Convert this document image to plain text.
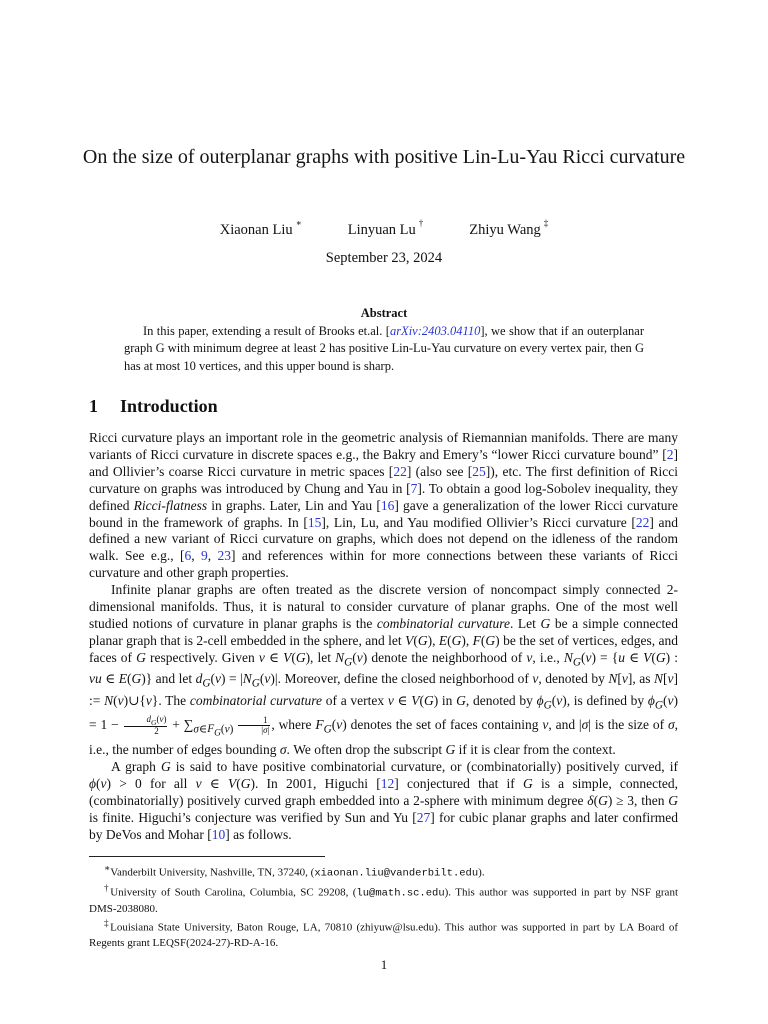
On the size of outerplanar graphs with positive Lin-Lu-Yau Ricci curvature
Xiaonan Liu ∗	Linyuan Lu †	Zhiyu Wang ‡
September 23, 2024
Abstract
In this paper, extending a result of Brooks et.al. [arXiv:2403.04110], we show that if an outerplanar graph G with minimum degree at least 2 has positive Lin-Lu-Yau curvature on every vertex pair, then G has at most 10 vertices, and this upper bound is sharp.
1 Introduction

Ricci curvature plays an important role in the geometric analysis of Riemannian manifolds. There are many variants of Ricci curvature in discrete spaces e.g., the Bakry and Emery’s “lower Ricci curvature bound” [2] and Ollivier’s coarse Ricci curvature in metric spaces [22] (also see [25]), etc. The first definition of Ricci curvature on graphs was introduced by Chung and Yau in [7]. To obtain a good log-Sobolev inequality, they defined Ricci-flatness in graphs. Later, Lin and Yau [16] gave a generalization of the lower Ricci curvature bound in the framework of graphs. In [15], Lin, Lu, and Yau modified Ollivier’s Ricci curvature [22] and defined a new variant of Ricci curvature on graphs, which does not depend on the idleness of the random walk. See e.g., [6, 9, 23] and references within for more connections between these variants of Ricci curvature and other graph properties.

Infinite planar graphs are often treated as the discrete version of noncompact simply connected 2-dimensional manifolds. Thus, it is natural to consider curvature of planar graphs. One of the most well studied notions of curvature in planar graphs is the combinatorial curvature. Let G be a simple connected planar graph that is 2-cell embedded in the sphere, and let V(G), E(G), F(G) be the set of vertices, edges, and faces of G respectively. Given v ∈ V(G), let $N_G(v)$ denote the neighborhood of v, i.e., $N_G(v) = \{u$ ∈ V(G) : vu ∈ E(G)} and let $d_G(v) = |N_G(v)|$. Moreover, define the closed neighborhood of v, denoted by N[v], as N[v] := N(v)∪{v}. The combinatorial curvature of a vertex v ∈ V(G) in G, denoted by $\phi_G(v)$, is defined by $\phi_G(v) = 1 - \frac{d_G(v)}{2} + \sum_{\sigma\in F_G(v)} \frac{1}{|\sigma|}$ , where $F_G(v)$ denotes the set of faces containing v, and |σ| is the size of σ, i.e., the number of edges bounding σ. We often drop the subscript G if it is clear from the context.

A graph G is said to have positive combinatorial curvature, or (combinatorially) positively curved, if ϕ(v) > 0 for all v ∈ V(G). In 2001, Higuchi [12] conjectured that if G is a simple, connected, (combinatorially) positively curved graph embedded into a 2-sphere with minimum degree δ(G) ≥ 3, then G is finite. Higuchi’s conjecture was verified by Sun and Yu [27] for cubic planar graphs and later confirmed by DeVos and Mohar [10] as follows.

∗Vanderbilt University, Nashville, TN, 37240, (xiaonan.liu@vanderbilt.edu).

†University of South Carolina, Columbia, SC 29208, (lu@math.sc.edu). This author was supported in part by NSF grant DMS-2038080.

‡Louisiana State University, Baton Rouge, LA, 70810 (zhiyuw@lsu.edu). This author was supported in part by LA Board of Regents grant LEQSF(2024-27)-RD-A-16.

1
